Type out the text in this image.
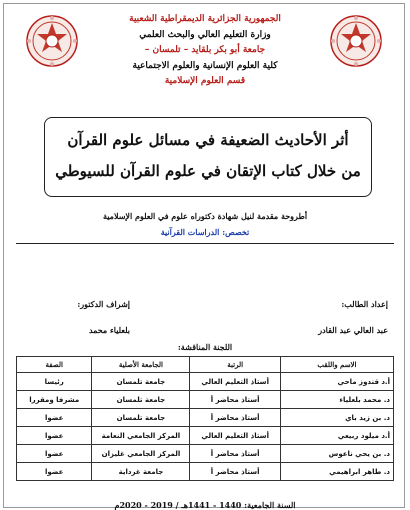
الجمهورية الجزائرية الديمقراطية الشعبية
وزارة التعليم العالي والبحث العلمي
جامعة أبو بكر بلقايد – تلمسان –
كلية العلوم الإنسانية والعلوم الاجتماعية
قسم العلوم الإسلامية
أثر الأحاديث الضعيفة في مسائل علوم القرآن
من خلال كتاب الإتقان في علوم القرآن للسيوطي
أطروحة مقدمة لنيل شهادة دكتوراه علوم في العلوم الإسلامية
تخصص: الدراسات القرآنية
إعداد الطالب:
عبد العالي عبد القادر
إشراف الدكتور:
بلعلياء محمد
اللجنة المناقشة:
الاسم واللقب	الرتبة	الجامعة الأصلية	الصفة
أ.د قندوز ماحي	أستاذ التعليم العالي	جامعة تلمسان	رئيسا
د. محمد بلعلياء	أستاذ محاضر أ	جامعة تلمسان	مشرفا ومقررا
د. بن زيد باي	أستاذ محاضر أ	جامعة تلمسان	عضوا
أ.د ميلود ربيعي	أستاذ التعليم العالي	المركز الجامعي النعامة	عضوا
د. بن يحي ناعوس	أستاذ محاضر أ	المركز الجامعي غليزان	عضوا
د. طاهر ابراهيمي	أستاذ محاضر أ	جامعة غرداية	عضوا
السنة الجامعية: 1440 - 1441هـ / 2019 - 2020م
